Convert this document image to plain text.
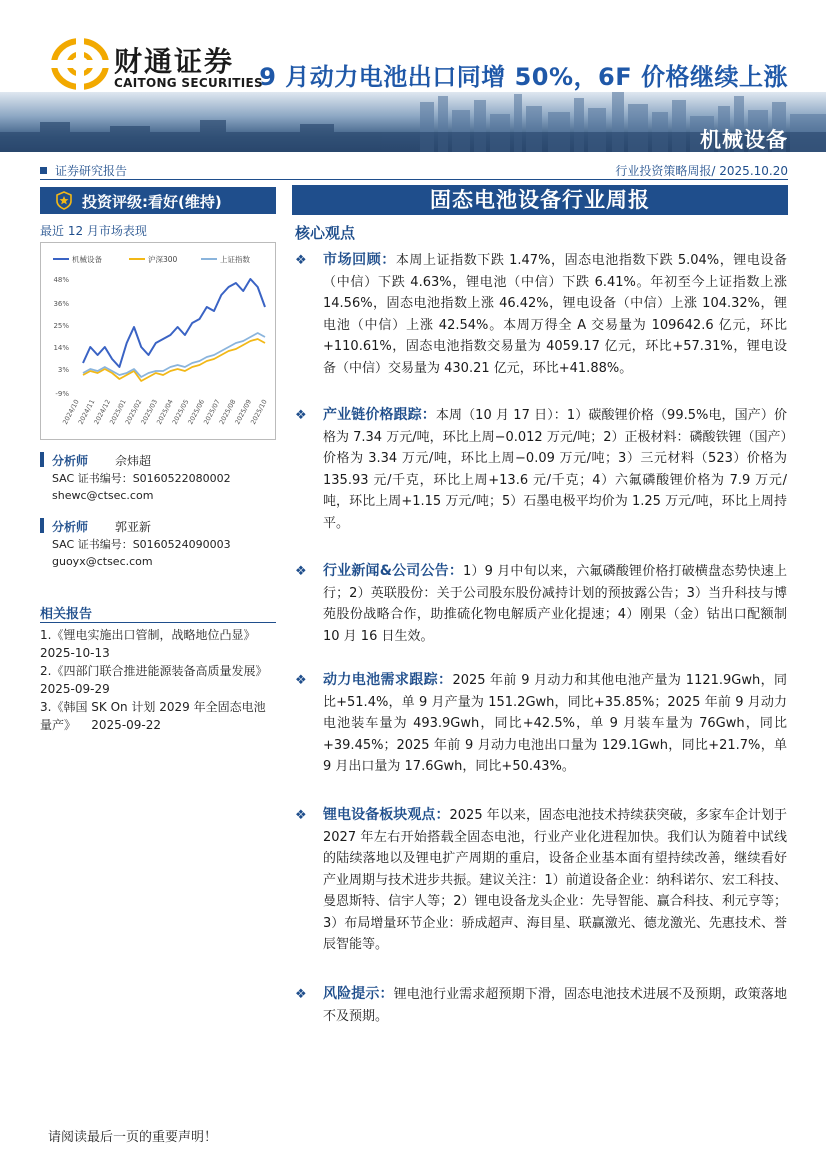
机械设备
财通证券
CAITONG SECURITIES
9 月动力电池出口同增 50%，6F 价格继续上涨
证券研究报告	行业投资策略周报/ 2025.10.20
投资评级:看好(维持)
最近 12 月市场表现
机械设备	沪深300	上证指数
48%
36%
25%
14%
3%
-9%
2024/10
2024/11
2024/12
2025/01
2025/02
2025/03
2025/04
2025/05
2025/06
2025/07
2025/08
2025/09
2025/10
分析师 佘炜超
SAC 证书编号：S0160522080002
shewc@ctsec.com
分析师 郭亚新
SAC 证书编号：S0160524090003
guoyx@ctsec.com
相关报告
1.《锂电实施出口管制，战略地位凸显》
2025-10-13
2.《四部门联合推进能源装备高质量发展》
2025-09-29
3.《韩国 SK On 计划 2029 年全固态电池量产》 2025-09-22
固态电池设备行业周报
核心观点
❖	市场回顾：本周上证指数下跌 1.47%，固态电池指数下跌 5.04%，锂电设备（中信）下跌 4.63%，锂电池（中信）下跌 6.41%。年初至今上证指数上涨 14.56%，固态电池指数上涨 46.42%，锂电设备（中信）上涨 104.32%，锂电池（中信）上涨 42.54%。本周万得全 A 交易量为 109642.6 亿元，环比+110.61%，固态电池指数交易量为 4059.17 亿元，环比+57.31%，锂电设备（中信）交易量为 430.21 亿元，环比+41.88%。
❖	产业链价格跟踪：本周（10 月 17 日）：1）碳酸锂价格（99.5%电，国产）价格为 7.34 万元/吨，环比上周−0.012 万元/吨；2）正极材料：磷酸铁锂（国产）价格为 3.34 万元/吨，环比上周−0.09 万元/吨；3）三元材料（523）价格为 135.93 元/千克，环比上周+13.6 元/千克；4）六氟磷酸锂价格为 7.9 万元/吨，环比上周+1.15 万元/吨；5）石墨电极平均价为 1.25 万元/吨，环比上周持平。
❖	行业新闻&公司公告：1）9 月中旬以来，六氟磷酸锂价格打破横盘态势快速上行；2）英联股份：关于公司股东股份减持计划的预披露公告；3）当升科技与博苑股份战略合作，助推硫化物电解质产业化提速；4）刚果（金）钴出口配额制 10 月 16 日生效。
❖	动力电池需求跟踪：2025 年前 9 月动力和其他电池产量为 1121.9Gwh，同比+51.4%，单 9 月产量为 151.2Gwh，同比+35.85%；2025 年前 9 月动力电池装车量为 493.9Gwh，同比+42.5%，单 9 月装车量为 76Gwh，同比+39.45%；2025 年前 9 月动力电池出口量为 129.1Gwh，同比+21.7%，单 9 月出口量为 17.6Gwh，同比+50.43%。
❖	锂电设备板块观点：2025 年以来，固态电池技术持续获突破，多家车企计划于 2027 年左右开始搭载全固态电池，行业产业化进程加快。我们认为随着中试线的陆续落地以及锂电扩产周期的重启，设备企业基本面有望持续改善，继续看好产业周期与技术进步共振。建议关注：1）前道设备企业：纳科诺尔、宏工科技、曼恩斯特、信宇人等；2）锂电设备龙头企业：先导智能、赢合科技、利元亨等；3）布局增量环节企业：骄成超声、海目星、联赢激光、德龙激光、先惠技术、誉辰智能等。
❖	风险提示：锂电池行业需求超预期下滑，固态电池技术进展不及预期，政策落地不及预期。
请阅读最后一页的重要声明！
